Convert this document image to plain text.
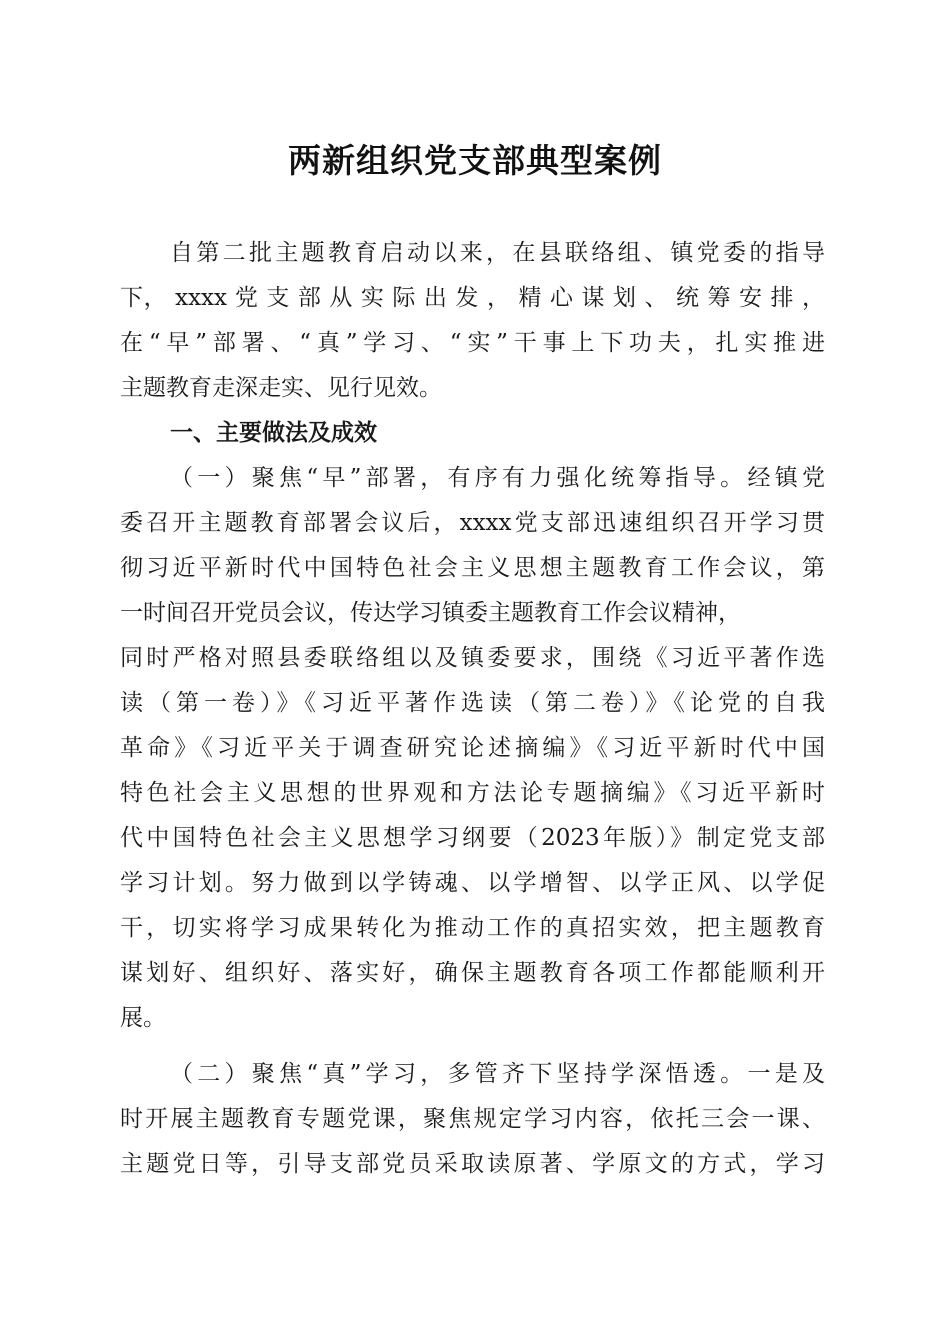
两新组织党支部典型案例
自第二批主题教育启动以来，在县联络组、镇党委的指导
下， xxxx 党 支 部 从 实 际 出 发 ， 精 心 谋 划 、 统 筹 安 排 ，
在“早”部署、“真”学习、“实”干事上下功夫，扎实推进
主题教育走深走实、见行见效。
一、主要做法及成效
（一）聚焦“早”部署，有序有力强化统筹指导。经镇党
委召开主题教育部署会议后，xxxx党支部迅速组织召开学习贯
彻习近平新时代中国特色社会主义思想主题教育工作会议，第
一时间召开党员会议，传达学习镇委主题教育工作会议精神，
同时严格对照县委联络组以及镇委要求，围绕《习近平著作选
读（第一卷）》《习近平著作选读（第二卷）》《论党的自我
革命》《习近平关于调查研究论述摘编》《习近平新时代中国
特色社会主义思想的世界观和方法论专题摘编》《习近平新时
代中国特色社会主义思想学习纲要（2023年版）》制定党支部
学习计划。努力做到以学铸魂、以学增智、以学正风、以学促
干，切实将学习成果转化为推动工作的真招实效，把主题教育
谋划好、组织好、落实好，确保主题教育各项工作都能顺利开
展。
（二）聚焦“真”学习，多管齐下坚持学深悟透。一是及
时开展主题教育专题党课，聚焦规定学习内容，依托三会一课、
主题党日等，引导支部党员采取读原著、学原文的方式，学习
